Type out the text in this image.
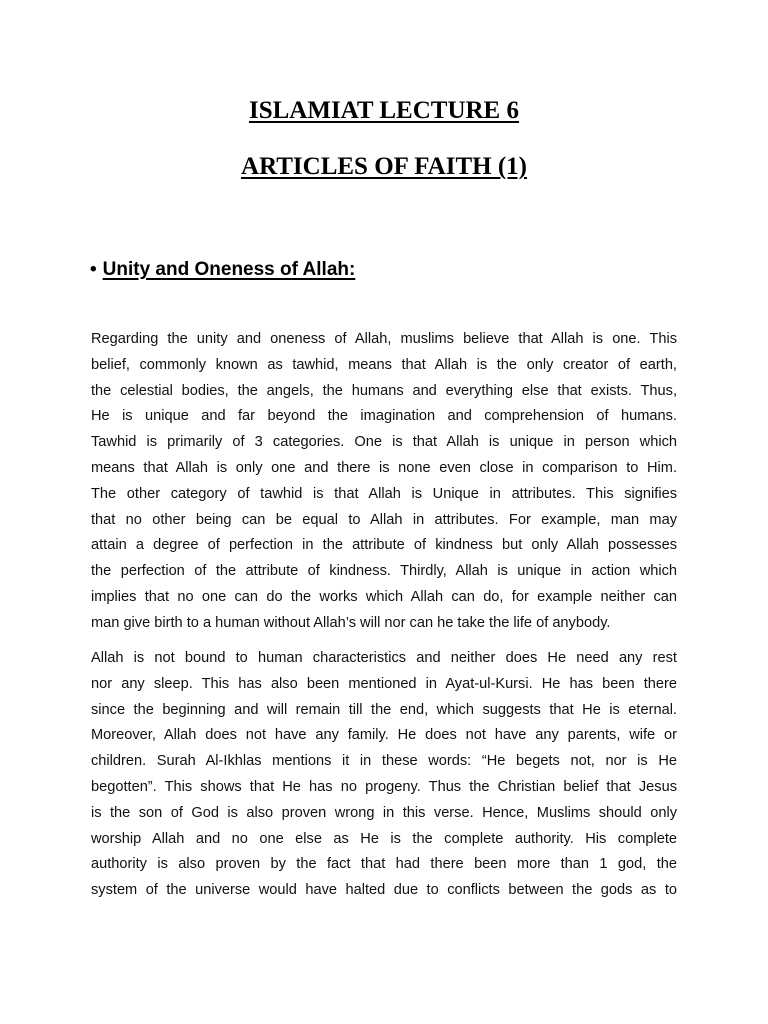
ISLAMIAT LECTURE 6
ARTICLES OF FAITH (1)
• Unity and Oneness of Allah:
Regarding the unity and oneness of Allah, muslims believe that Allah is one. This
belief, commonly known as tawhid, means that Allah is the only creator of earth,
the celestial bodies, the angels, the humans and everything else that exists. Thus,
He is unique and far beyond the imagination and comprehension of humans.
Tawhid is primarily of 3 categories. One is that Allah is unique in person which
means that Allah is only one and there is none even close in comparison to Him.
The other category of tawhid is that Allah is Unique in attributes. This signifies
that no other being can be equal to Allah in attributes. For example, man may
attain a degree of perfection in the attribute of kindness but only Allah possesses
the perfection of the attribute of kindness. Thirdly, Allah is unique in action which
implies that no one can do the works which Allah can do, for example neither can
man give birth to a human without Allah’s will nor can he take the life of anybody.
Allah is not bound to human characteristics and neither does He need any rest
nor any sleep. This has also been mentioned in Ayat-ul-Kursi. He has been there
since the beginning and will remain till the end, which suggests that He is eternal.
Moreover, Allah does not have any family. He does not have any parents, wife or
children. Surah Al-Ikhlas mentions it in these words: “He begets not, nor is He
begotten”. This shows that He has no progeny. Thus the Christian belief that Jesus
is the son of God is also proven wrong in this verse. Hence, Muslims should only
worship Allah and no one else as He is the complete authority. His complete
authority is also proven by the fact that had there been more than 1 god, the
system of the universe would have halted due to conflicts between the gods as to
